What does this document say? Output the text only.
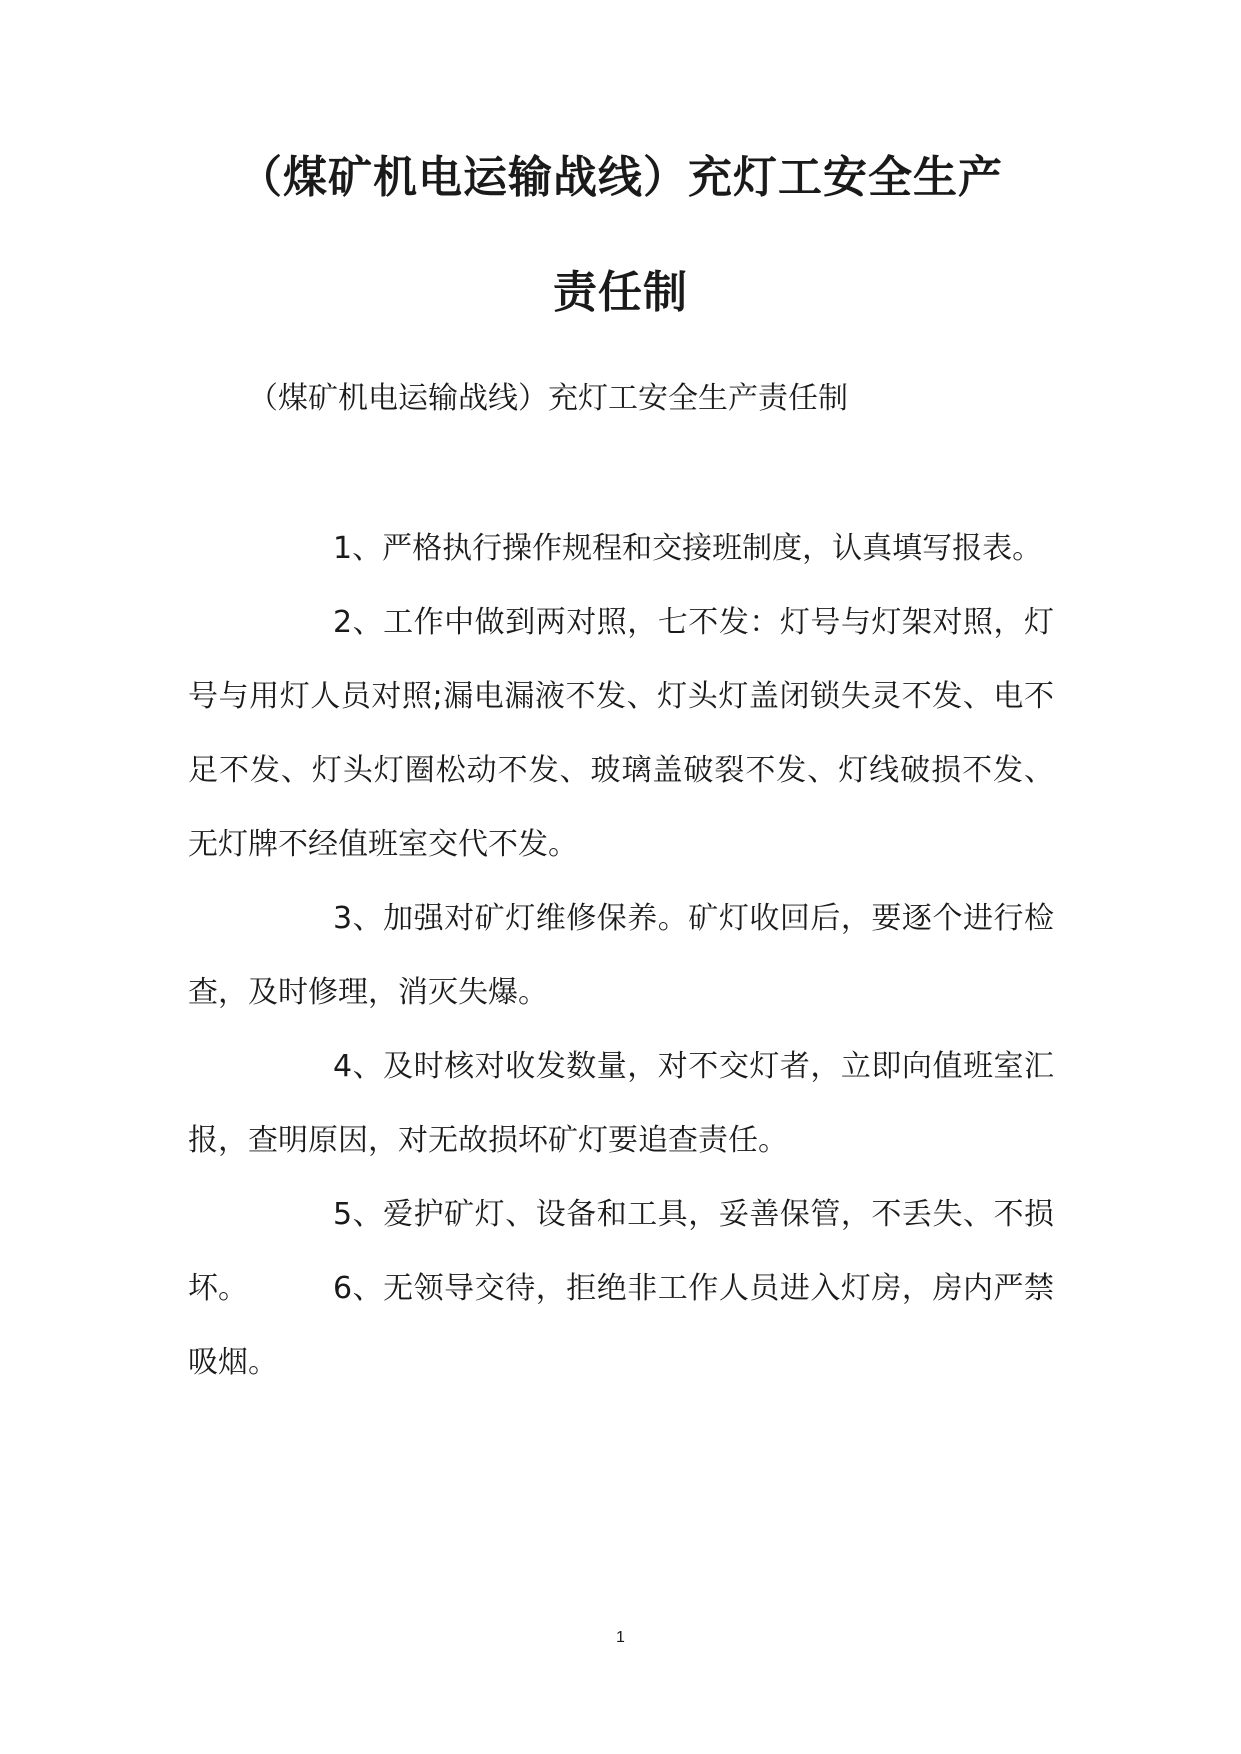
（煤矿机电运输战线）充灯工安全生产
责任制
（煤矿机电运输战线）充灯工安全生产责任制

1、严格执行操作规程和交接班制度，认真填写报表。

2、工作中做到两对照，七不发：灯号与灯架对照，灯号与用灯人员对照;漏电漏液不发、灯头灯盖闭锁失灵不发、电不足不发、灯头灯圈松动不发、玻璃盖破裂不发、灯线破损不发、无灯牌不经值班室交代不发。

3、加强对矿灯维修保养。矿灯收回后，要逐个进行检查，及时修理，消灭失爆。

4、及时核对收发数量，对不交灯者，立即向值班室汇报，查明原因，对无故损坏矿灯要追查责任。

5、爱护矿灯、设备和工具，妥善保管，不丢失、不损坏。	6、无领导交待，拒绝非工作人员进入灯房，房内严禁吸烟。

1
